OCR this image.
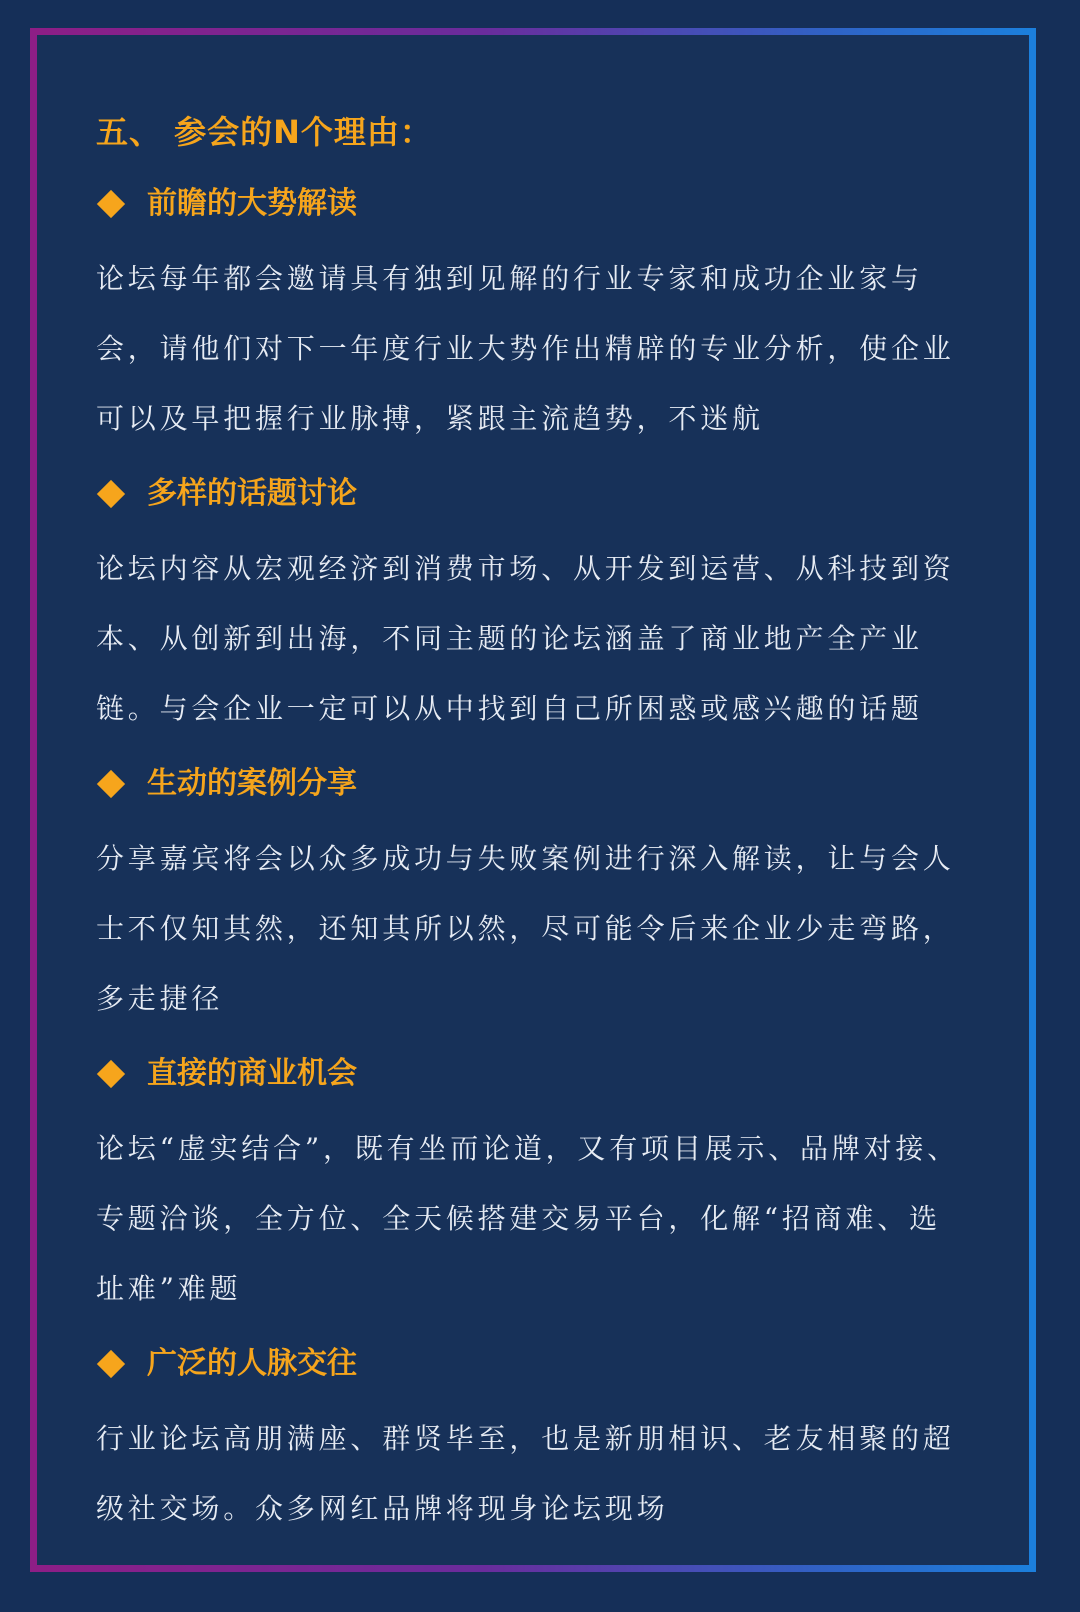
五、 参会的N个理由：
前瞻的大势解读

论坛每年都会邀请具有独到见解的行业专家和成功企业家与会，请他们对下一年度行业大势作出精辟的专业分析，使企业可以及早把握行业脉搏，紧跟主流趋势，不迷航

多样的话题讨论

论坛内容从宏观经济到消费市场、从开发到运营、从科技到资本、从创新到出海，不同主题的论坛涵盖了商业地产全产业链。与会企业一定可以从中找到自己所困惑或感兴趣的话题

生动的案例分享

分享嘉宾将会以众多成功与失败案例进行深入解读，让与会人士不仅知其然，还知其所以然，尽可能令后来企业少走弯路，多走捷径

直接的商业机会

论坛“虚实结合”，既有坐而论道，又有项目展示、品牌对接、专题洽谈，全方位、全天候搭建交易平台，化解“招商难、选址难”难题

广泛的人脉交往

行业论坛高朋满座、群贤毕至，也是新朋相识、老友相聚的超级社交场。众多网红品牌将现身论坛现场
